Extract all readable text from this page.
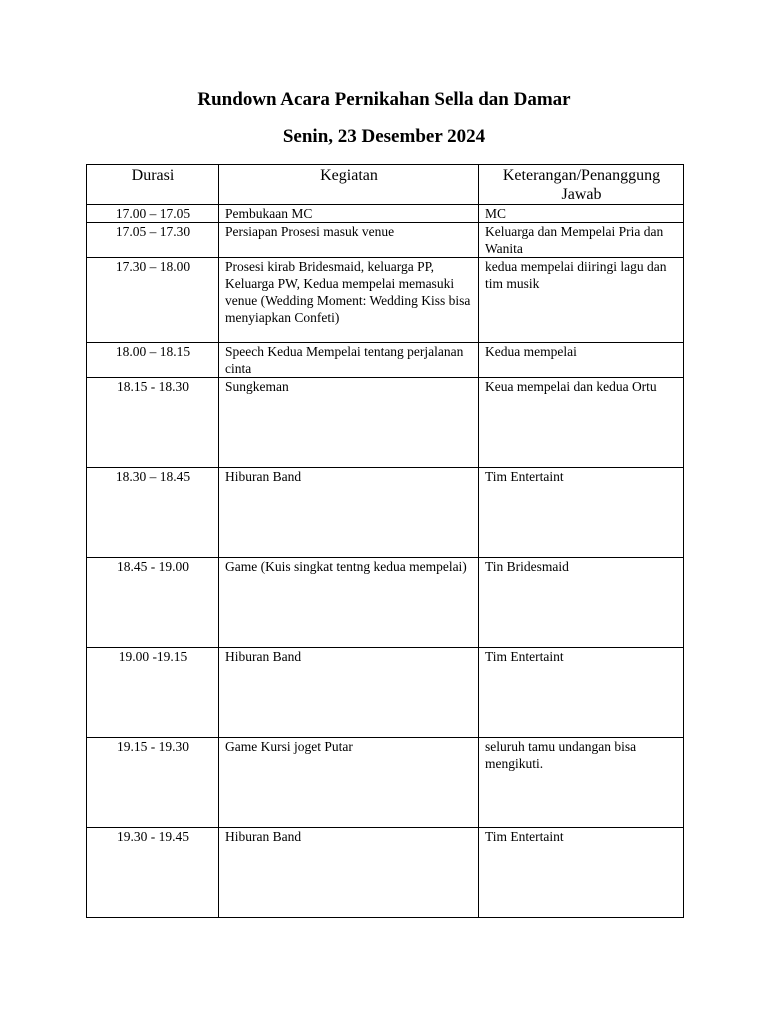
Rundown Acara Pernikahan Sella dan Damar
Senin, 23 Desember 2024
Durasi	Kegiatan	Keterangan/Penanggung Jawab
17.00 – 17.05	Pembukaan MC	MC
17.05 – 17.30	Persiapan Prosesi masuk venue	Keluarga dan Mempelai Pria dan Wanita
17.30 – 18.00	Prosesi kirab Bridesmaid, keluarga PP, Keluarga PW, Kedua mempelai memasuki venue (Wedding Moment: Wedding Kiss bisa menyiapkan Confeti)	kedua mempelai diiringi lagu dan tim musik
18.00 – 18.15	Speech Kedua Mempelai tentang perjalanan cinta	Kedua mempelai
18.15 - 18.30	Sungkeman	Keua mempelai dan kedua Ortu
18.30 – 18.45	Hiburan Band	Tim Entertaint
18.45 - 19.00	Game (Kuis singkat tentng kedua mempelai)	Tin Bridesmaid
19.00 -19.15	Hiburan Band	Tim Entertaint
19.15 - 19.30	Game Kursi joget Putar	seluruh tamu undangan bisa mengikuti.
19.30 - 19.45	Hiburan Band	Tim Entertaint
